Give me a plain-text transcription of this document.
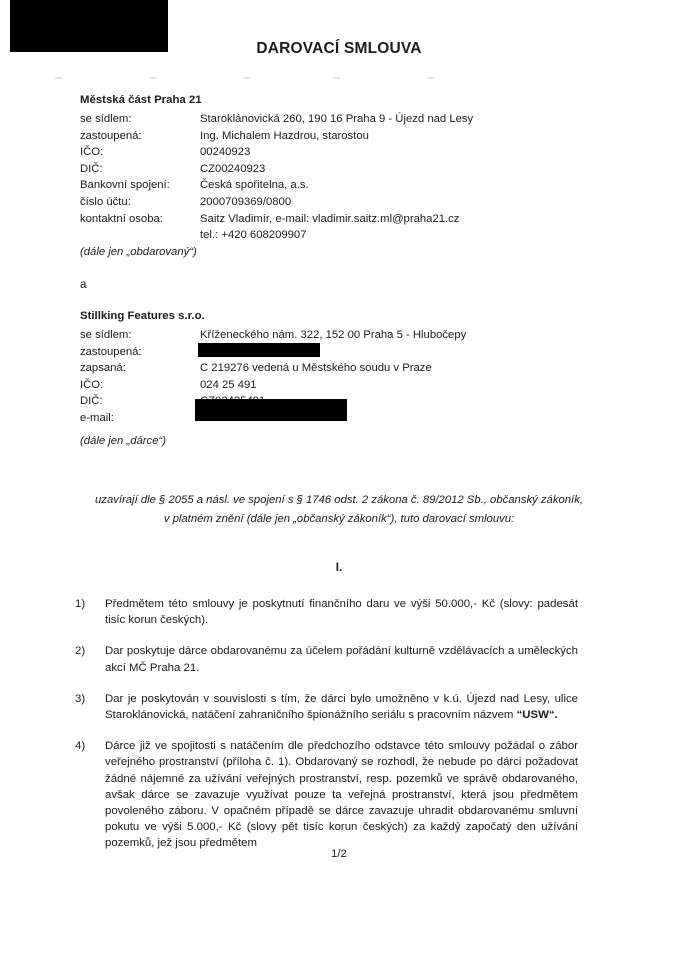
DAROVACÍ SMLOUVA
Městská část Praha 21
se sídlem:	Staroklánovická 260, 190 16 Praha 9 - Újezd nad Lesy
zastoupená:	Ing. Michalem Hazdrou, starostou
IČO:	00240923
DIČ:	CZ00240923
Bankovní spojení:	Česká spořitelna, a.s.
číslo účtu:	2000709369/0800
kontaktní osoba:	Saitz Vladimír, e-mail: vladimir.saitz.ml@praha21.cz
tel.: +420 608209907
(dále jen „obdarovaný“)
a
Stillking Features s.r.o.
se sídlem:	Kříženeckého nám. 322, 152 00 Praha 5 - Hlubočepy
zastoupená:
zapsaná:	C 219276 vedená u Městského soudu v Praze
IČO:	024 25 491
DIČ:
e-mail:
(dále jen „dárce“)
uzavírají dle § 2055 a násl. ve spojení s § 1746 odst. 2 zákona č. 89/2012 Sb., občanský zákoník,
v platném znění (dále jen „občanský zákoník“), tuto darovací smlouvu:
I.
1)	Předmětem této smlouvy je poskytnutí finančního daru ve výši 50.000,- Kč (slovy: padesát tisíc korun českých).
2)	Dar poskytuje dárce obdarovanému za účelem pořádání kulturně vzdělávacích a uměleckých akcí MČ Praha 21.
3)	Dar je poskytován v souvislosti s tím, že dárci bylo umožněno v k.ú. Újezd nad Lesy, ulice Staroklánovická, natáčení zahraničního špionážního seriálu s pracovním názvem “USW“.
4)	Dárce již ve spojitosti s natáčením dle předchozího odstavce této smlouvy požádal o zábor veřejného prostranství (příloha č. 1). Obdarovaný se rozhodl, že nebude po dárci požadovat žádné nájemné za užívání veřejných prostranství, resp. pozemků ve správě obdarovaného, avšak dárce se zavazuje využívat pouze ta veřejná prostranství, která jsou předmětem povoleného záboru. V opačném případě se dárce zavazuje uhradit obdarovanému smluvní pokutu ve výši 5.000,- Kč (slovy pět tisíc korun českých) za každý započatý den užívání pozemků, jež jsou předmětem
1/2
